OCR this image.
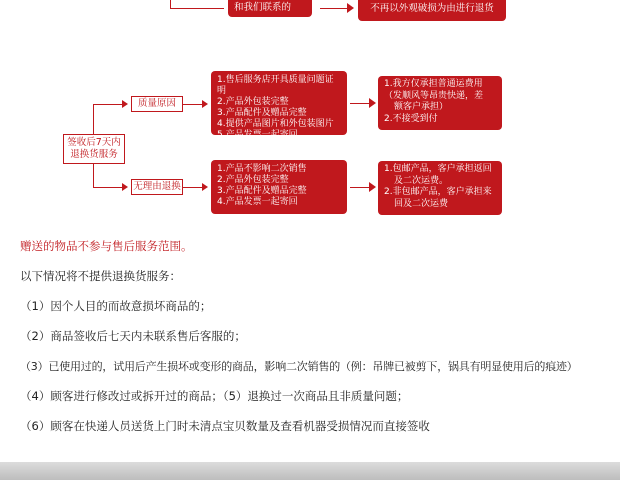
和我们联系的	不再以外观破损为由进行退货
签收后7天内退换货服务
质量原因
1.售后服务店开具质量问题证明
2.产品外包装完整
3.产品配件及赠品完整
4.提供产品图片和外包装图片
5.产品发票一起寄回
1.我方仅承担普通运费用
（发顺风等昂贵快递，差
额客户承担）
2.不接受到付
无理由退换
1.产品不影响二次销售
2.产品外包装完整
3.产品配件及赠品完整
4.产品发票一起寄回
1.包邮产品，客户承担返回
及二次运费。
2.非包邮产品，客户承担来
回及二次运费
赠送的物品不参与售后服务范围。
以下情况将不提供退换货服务：
（1）因个人目的而故意损坏商品的；
（2）商品签收后七天内未联系售后客服的；
（3）已使用过的，试用后产生损坏或变形的商品，影响二次销售的（例：吊牌已被剪下，锅具有明显使用后的痕迹）
（4）顾客进行修改过或拆开过的商品；（5）退换过一次商品且非质量问题；
（6）顾客在快递人员送货上门时未清点宝贝数量及查看机器受损情况而直接签收
